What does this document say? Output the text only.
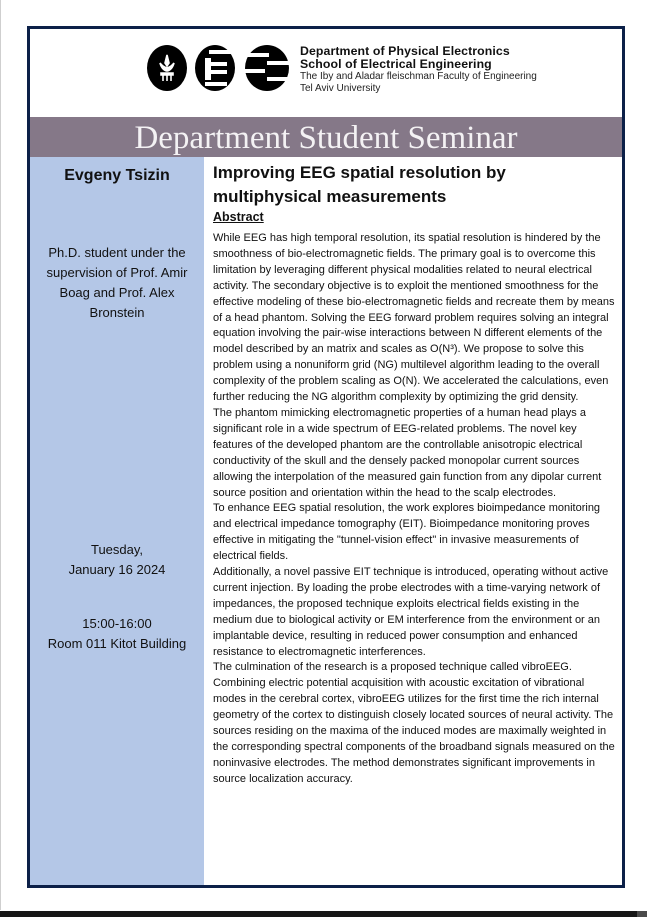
Department of Physical Electronics
School of Electrical Engineering
The Iby and Aladar fleischman Faculty of Engineering
Tel Aviv University
Department Student Seminar
Evgeny Tsizin
Ph.D. student under the supervision of Prof. Amir Boag and Prof. Alex Bronstein
Tuesday,
January 16 2024
15:00-16:00
Room 011 Kitot Building
Improving EEG spatial resolution by multiphysical measurements
Abstract

While EEG has high temporal resolution, its spatial resolution is hindered by the smoothness of bio-electromagnetic fields. The primary goal is to overcome this limitation by leveraging different physical modalities related to neural electrical activity. The secondary objective is to exploit the mentioned smoothness for the effective modeling of these bio-electromagnetic fields and recreate them by means of a head phantom. Solving the EEG forward problem requires solving an integral equation involving the pair-wise interactions between N different elements of the model described by an matrix and scales as O(N³). We propose to solve this problem using a nonuniform grid (NG) multilevel algorithm leading to the overall complexity of the problem scaling as O(N). We accelerated the calculations, even further reducing the NG algorithm complexity by optimizing the grid density.

The phantom mimicking electromagnetic properties of a human head plays a significant role in a wide spectrum of EEG-related problems. The novel key features of the developed phantom are the controllable anisotropic electrical conductivity of the skull and the densely packed monopolar current sources allowing the interpolation of the measured gain function from any dipolar current source position and orientation within the head to the scalp electrodes.

To enhance EEG spatial resolution, the work explores bioimpedance monitoring and electrical impedance tomography (EIT). Bioimpedance monitoring proves effective in mitigating the "tunnel-vision effect" in invasive measurements of electrical fields.

Additionally, a novel passive EIT technique is introduced, operating without active current injection. By loading the probe electrodes with a time-varying network of impedances, the proposed technique exploits electrical fields existing in the medium due to biological activity or EM interference from the environment or an implantable device, resulting in reduced power consumption and enhanced resistance to electromagnetic interferences.

The culmination of the research is a proposed technique called vibroEEG. Combining electric potential acquisition with acoustic excitation of vibrational modes in the cerebral cortex, vibroEEG utilizes for the first time the rich internal geometry of the cortex to distinguish closely located sources of neural activity. The sources residing on the maxima of the induced modes are maximally weighted in the corresponding spectral components of the broadband signals measured on the noninvasive electrodes. The method demonstrates significant improvements in source localization accuracy.
